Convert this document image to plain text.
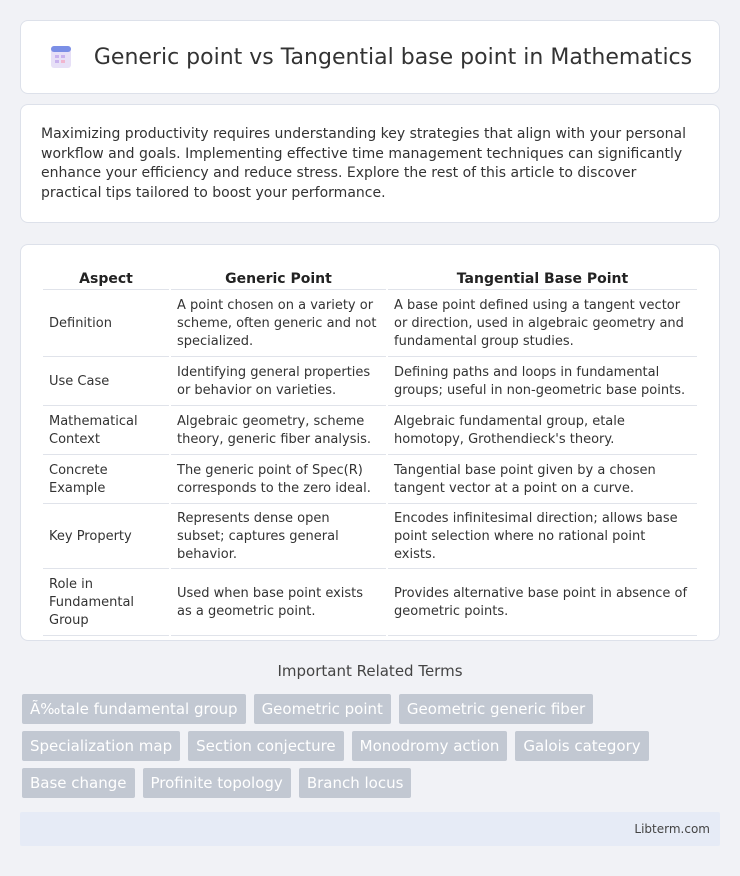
Generic point vs Tangential base point in Mathematics

Maximizing productivity requires understanding key strategies that align with your personal workflow and goals. Implementing effective time management techniques can significantly enhance your efficiency and reduce stress. Explore the rest of this article to discover practical tips tailored to boost your performance.

Aspect	Generic Point	Tangential Base Point
Definition	A point chosen on a variety or scheme, often generic and not specialized.	A base point defined using a tangent vector or direction, used in algebraic geometry and fundamental group studies.
Use Case	Identifying general properties or behavior on varieties.	Defining paths and loops in fundamental groups; useful in non-geometric base points.
Mathematical Context	Algebraic geometry, scheme theory, generic fiber analysis.	Algebraic fundamental group, etale homotopy, Grothendieck's theory.
Concrete Example	The generic point of Spec(R) corresponds to the zero ideal.	Tangential base point given by a chosen tangent vector at a point on a curve.
Key Property	Represents dense open subset; captures general behavior.	Encodes infinitesimal direction; allows base point selection where no rational point exists.
Role in Fundamental Group	Used when base point exists as a geometric point.	Provides alternative base point in absence of geometric points.
Important Related Terms
Ã‰tale fundamental group	Geometric point	Geometric generic fiber
Specialization map	Section conjecture	Monodromy action	Galois category
Base change	Profinite topology	Branch locus
Libterm.com
